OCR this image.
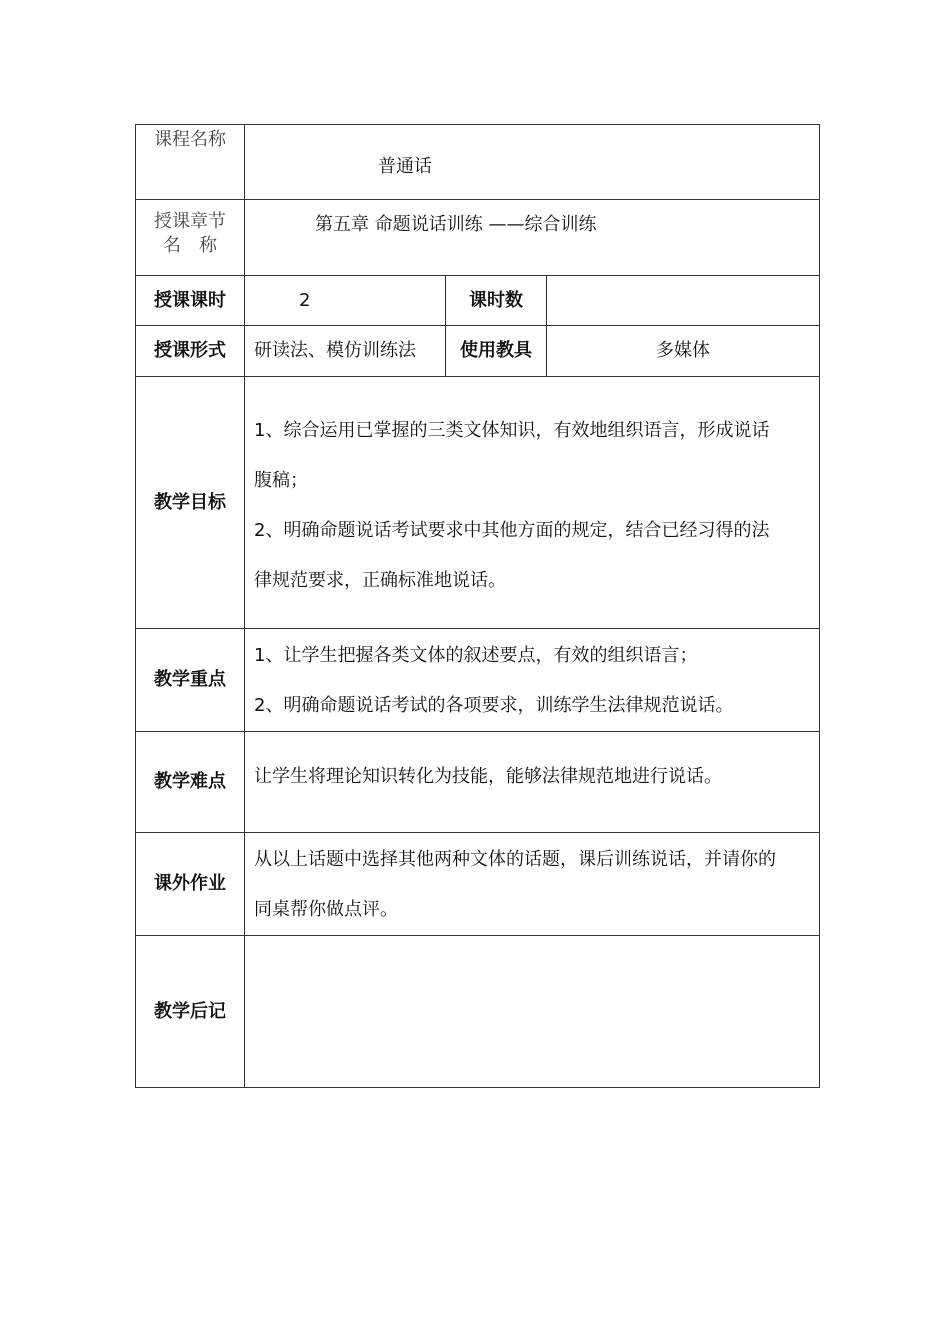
课程名称	普通话		

授课章节
名　称	第五章 命题说话训练 ——综合训练		
授课课时	2	课时数	
授课形式	研读法、模仿训练法	使用教具	多媒体
教学目标	1、综合运用已掌握的三类文体知识，有效地组织语言，形成说话

腹稿；

2、明确命题说话考试要求中其他方面的规定，结合已经习得的法

律规范要求，正确标准地说话。		

教学重点	1、让学生把握各类文体的叙述要点，有效的组织语言；

2、明确命题说话考试的各项要求，训练学生法律规范说话。		

教学难点	让学生将理论知识转化为技能，能够法律规范地进行说话。		

课外作业	从以上话题中选择其他两种文体的话题，课后训练说话，并请你的

同桌帮你做点评。		

教学后记			
